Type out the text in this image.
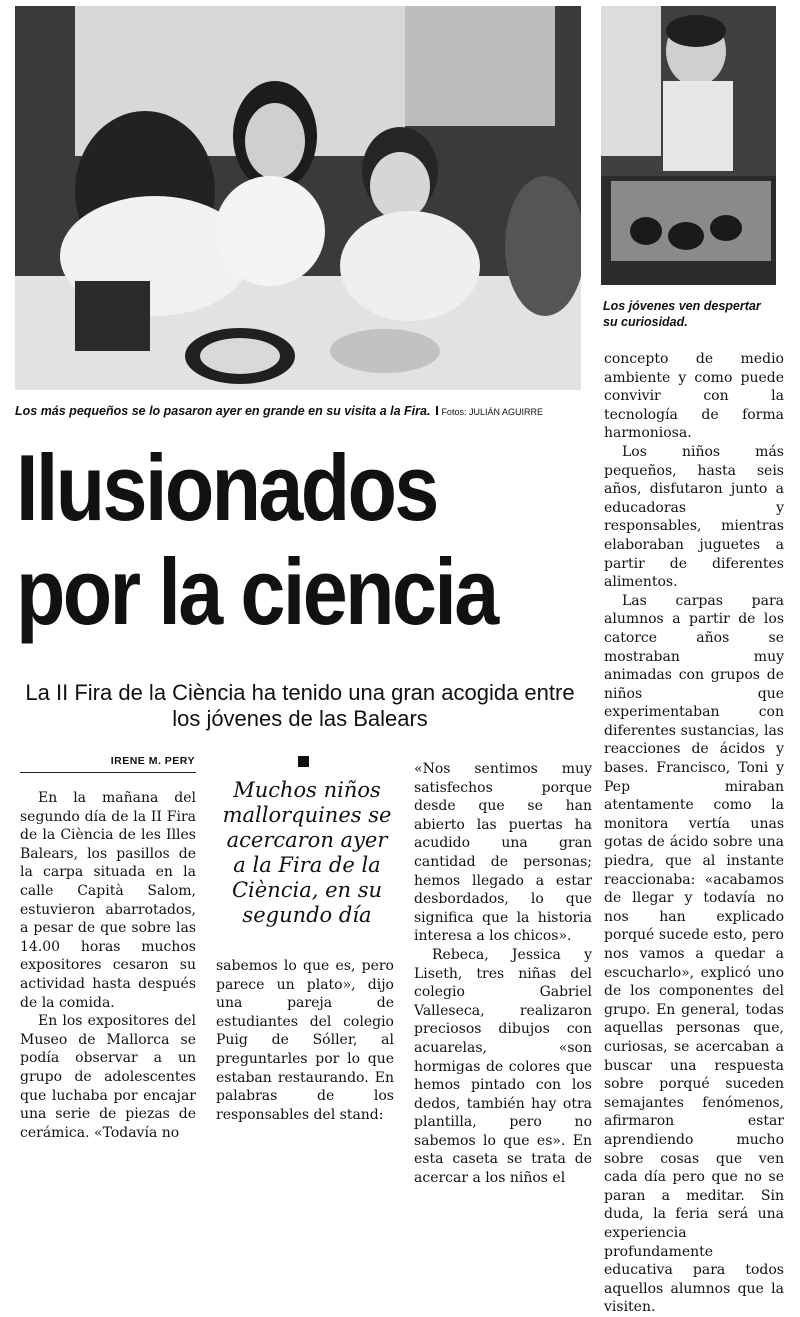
Los más pequeños se lo pasaron ayer en grande en su visita a la Fira. Fotos: JULIÁN AGUIRRE
Los jóvenes ven despertar
su curiosidad.
Ilusionados
por la ciencia
La II Fira de la Ciència ha tenido una gran acogida entre
los jóvenes de las Balears
IRENE M. PERY

En la mañana del segundo día de la II Fira de la Ciència de les Illes Balears, los pasillos de la carpa situada en la calle Capità Salom, estuvieron abarrotados, a pesar de que sobre las 14.00 horas muchos expositores cesaron su actividad hasta después de la comida.

En los expositores del Museo de Mallorca se podía observar a un grupo de adolescentes que luchaba por encajar una serie de piezas de cerámica. «Todavía no

Muchos niños mallorquines se acercaron ayer a la Fira de la Ciència, en su segundo día

sabemos lo que es, pero parece un plato», dijo una pareja de estudiantes del colegio Puig de Sóller, al preguntarles por lo que estaban restaurando. En palabras de los responsables del stand:

«Nos sentimos muy satisfechos porque desde que se han abierto las puertas ha acudido una gran cantidad de personas; hemos llegado a estar desbordados, lo que significa que la historia interesa a los chicos».

Rebeca, Jessica y Liseth, tres niñas del colegio Gabriel Valleseca, realizaron preciosos dibujos con acuarelas, «son hormigas de colores que hemos pintado con los dedos, también hay otra plantilla, pero no sabemos lo que es». En esta caseta se trata de acercar a los niños el

concepto de medio ambiente y como puede convivir con la tecnología de forma harmoniosa.

Los niños más pequeños, hasta seis años, disfutaron junto a educadoras y responsables, mientras elaboraban juguetes a partir de diferentes alimentos.

Las carpas para alumnos a partir de los catorce años se mostraban muy animadas con grupos de niños que experimentaban con diferentes sustancias, las reacciones de ácidos y bases. Francisco, Toni y Pep miraban atentamente como la monitora vertía unas gotas de ácido sobre una piedra, que al instante reaccionaba: «acabamos de llegar y todavía no nos han explicado porqué sucede esto, pero nos vamos a quedar a escucharlo», explicó uno de los componentes del grupo. En general, todas aquellas personas que, curiosas, se acercaban a buscar una respuesta sobre porqué suceden semajantes fenómenos, afirmaron estar aprendiendo mucho sobre cosas que ven cada día pero que no se paran a meditar. Sin duda, la feria será una experiencia profundamente educativa para todos aquellos alumnos que la visiten.
